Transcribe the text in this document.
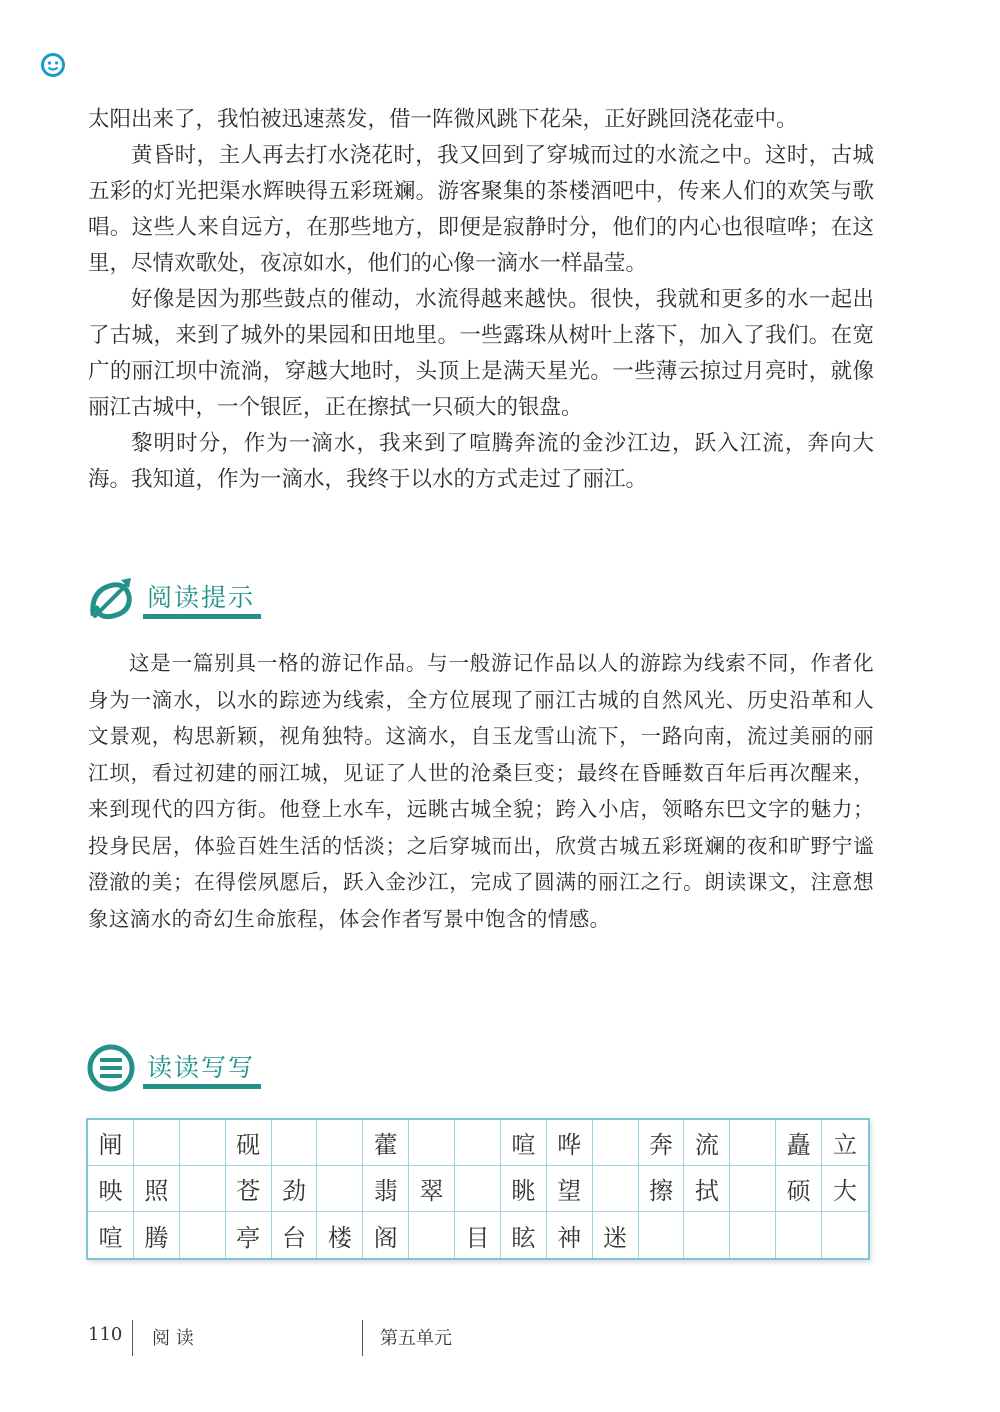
太阳出来了，我怕被迅速蒸发，借一阵微风跳下花朵，正好跳回浇花壶中。

黄昏时，主人再去打水浇花时，我又回到了穿城而过的水流之中。这时，古城五彩的灯光把渠水辉映得五彩斑斓。游客聚集的茶楼酒吧中，传来人们的欢笑与歌唱。这些人来自远方，在那些地方，即便是寂静时分，他们的内心也很喧哗；在这里，尽情欢歌处，夜凉如水，他们的心像一滴水一样晶莹。

好像是因为那些鼓点的催动，水流得越来越快。很快，我就和更多的水一起出了古城，来到了城外的果园和田地里。一些露珠从树叶上落下，加入了我们。在宽广的丽江坝中流淌，穿越大地时，头顶上是满天星光。一些薄云掠过月亮时，就像丽江古城中，一个银匠，正在擦拭一只硕大的银盘。

黎明时分，作为一滴水，我来到了喧腾奔流的金沙江边，跃入江流，奔向大海。我知道，作为一滴水，我终于以水的方式走过了丽江。

阅读提示

这是一篇别具一格的游记作品。与一般游记作品以人的游踪为线索不同，作者化身为一滴水，以水的踪迹为线索，全方位展现了丽江古城的自然风光、历史沿革和人文景观，构思新颖，视角独特。这滴水，自玉龙雪山流下，一路向南，流过美丽的丽江坝，看过初建的丽江城，见证了人世的沧桑巨变；最终在昏睡数百年后再次醒来，来到现代的四方街。他登上水车，远眺古城全貌；跨入小店，领略东巴文字的魅力；投身民居，体验百姓生活的恬淡；之后穿城而出，欣赏古城五彩斑斓的夜和旷野宁谧澄澈的美；在得偿夙愿后，跃入金沙江，完成了圆满的丽江之行。朗读课文，注意想象这滴水的奇幻生命旅程，体会作者写景中饱含的情感。

读读写写
闸	砚	藿	喧 哗	奔 流	矗 立
映 照	苍 劲	翡 翠	眺 望	擦 拭	硕 大
喧 腾	亭 台 楼 阁	目 眩 神 迷
110 阅 读	第五单元
